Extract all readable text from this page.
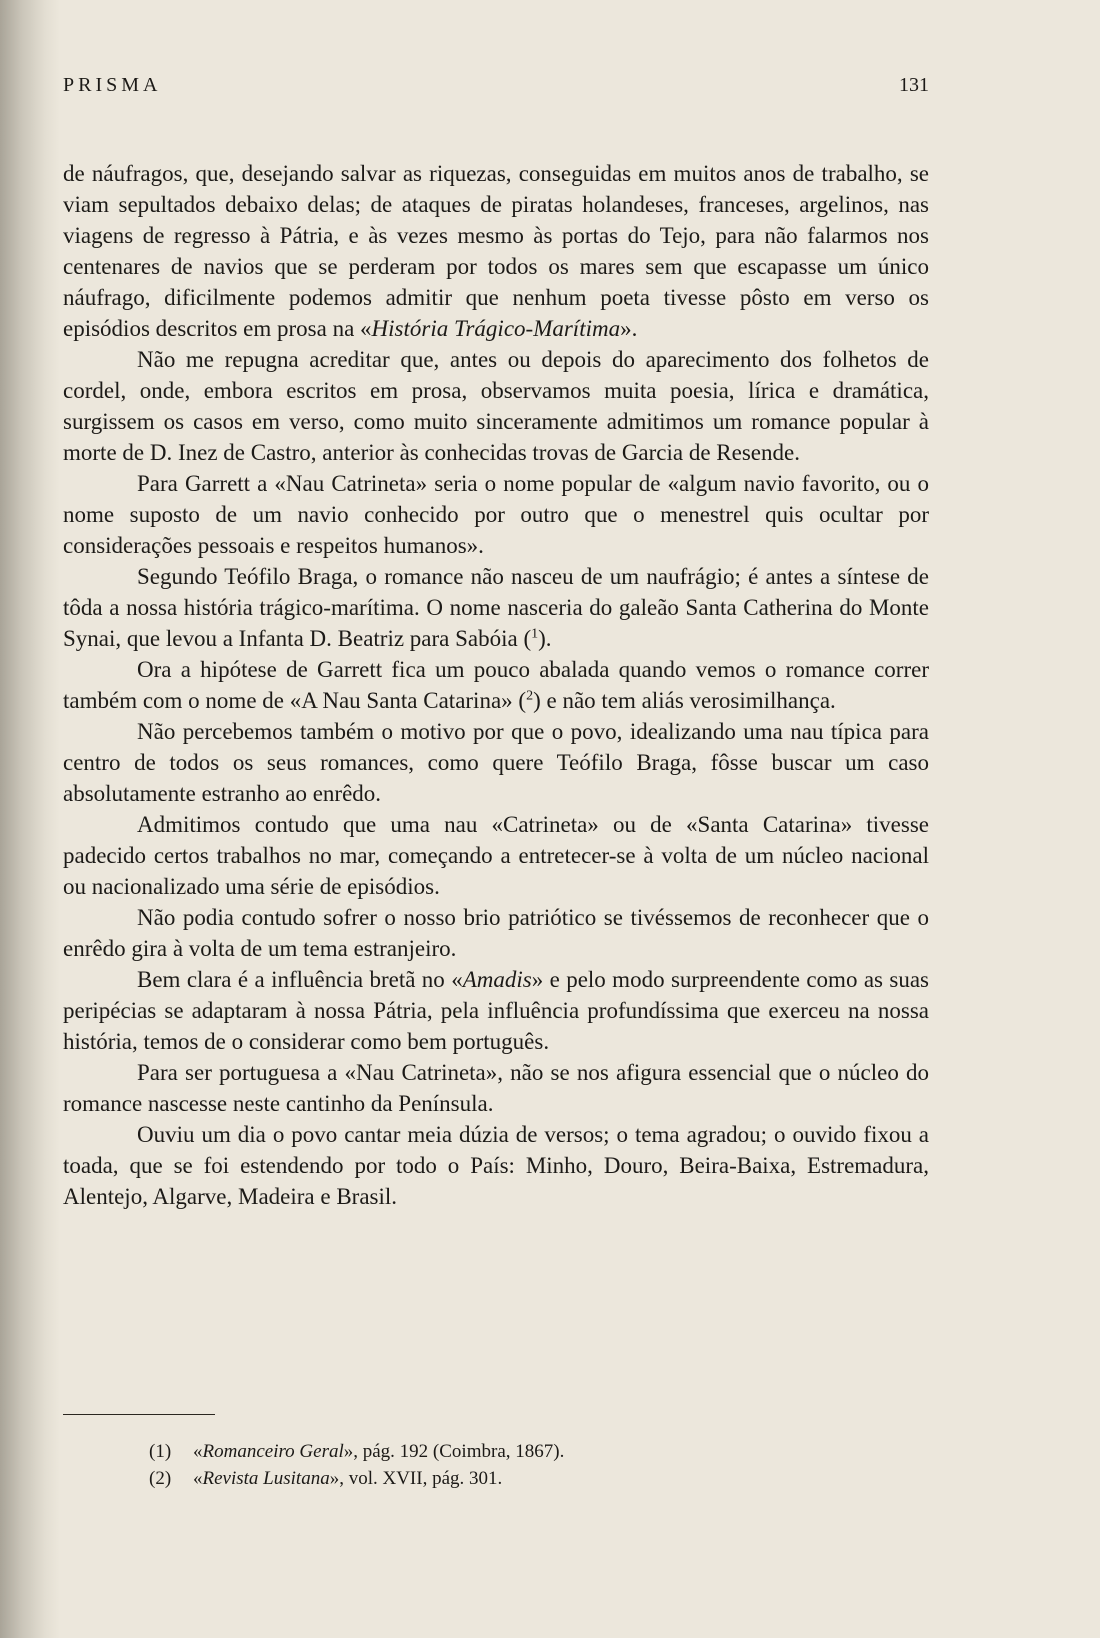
PRISMA	131

de náufragos, que, desejando salvar as riquezas, conseguidas em muitos anos de trabalho, se viam sepultados debaixo delas; de ataques de piratas holandeses, franceses, argelinos, nas viagens de regresso à Pátria, e às vezes mesmo às portas do Tejo, para não falarmos nos centenares de navios que se perderam por todos os mares sem que escapasse um único náufrago, dificilmente podemos admitir que nenhum poeta tivesse pôsto em verso os episódios descritos em prosa na «História Trágico-Marítima».

Não me repugna acreditar que, antes ou depois do aparecimento dos folhetos de cordel, onde, embora escritos em prosa, observamos muita poesia, lírica e dramática, surgissem os casos em verso, como muito sinceramente admitimos um romance popular à morte de D. Inez de Castro, anterior às conhecidas trovas de Garcia de Resende.

Para Garrett a «Nau Catrineta» seria o nome popular de «algum navio favorito, ou o nome suposto de um navio conhecido por outro que o menestrel quis ocultar por considerações pessoais e respeitos humanos».

Segundo Teófilo Braga, o romance não nasceu de um naufrágio; é antes a síntese de tôda a nossa história trágico-marítima. O nome nasceria do galeão Santa Catherina do Monte Synai, que levou a Infanta D. Beatriz para Sabóia ($^1$).

Ora a hipótese de Garrett fica um pouco abalada quando vemos o romance correr também com o nome de «A Nau Santa Catarina» ($^2$) e não tem aliás verosimilhança.

Não percebemos também o motivo por que o povo, idealizando uma nau típica para centro de todos os seus romances, como quere Teófilo Braga, fôsse buscar um caso absolutamente estranho ao enrêdo.

Admitimos contudo que uma nau «Catrineta» ou de «Santa Catarina» tivesse padecido certos trabalhos no mar, começando a entretecer-se à volta de um núcleo nacional ou nacionalizado uma série de episódios.

Não podia contudo sofrer o nosso brio patriótico se tivéssemos de reconhecer que o enrêdo gira à volta de um tema estranjeiro.

Bem clara é a influência bretã no «Amadis» e pelo modo surpreendente como as suas peripécias se adaptaram à nossa Pátria, pela influência profundíssima que exerceu na nossa história, temos de o considerar como bem português.

Para ser portuguesa a «Nau Catrineta», não se nos afigura essencial que o núcleo do romance nascesse neste cantinho da Península.

Ouviu um dia o povo cantar meia dúzia de versos; o tema agradou; o ouvido fixou a toada, que se foi estendendo por todo o País: Minho, Douro, Beira-Baixa, Estremadura, Alentejo, Algarve, Madeira e Brasil.

(1) «Romanceiro Geral», pág. 192 (Coimbra, 1867).
(2) «Revista Lusitana», vol. XVII, pág. 301.
